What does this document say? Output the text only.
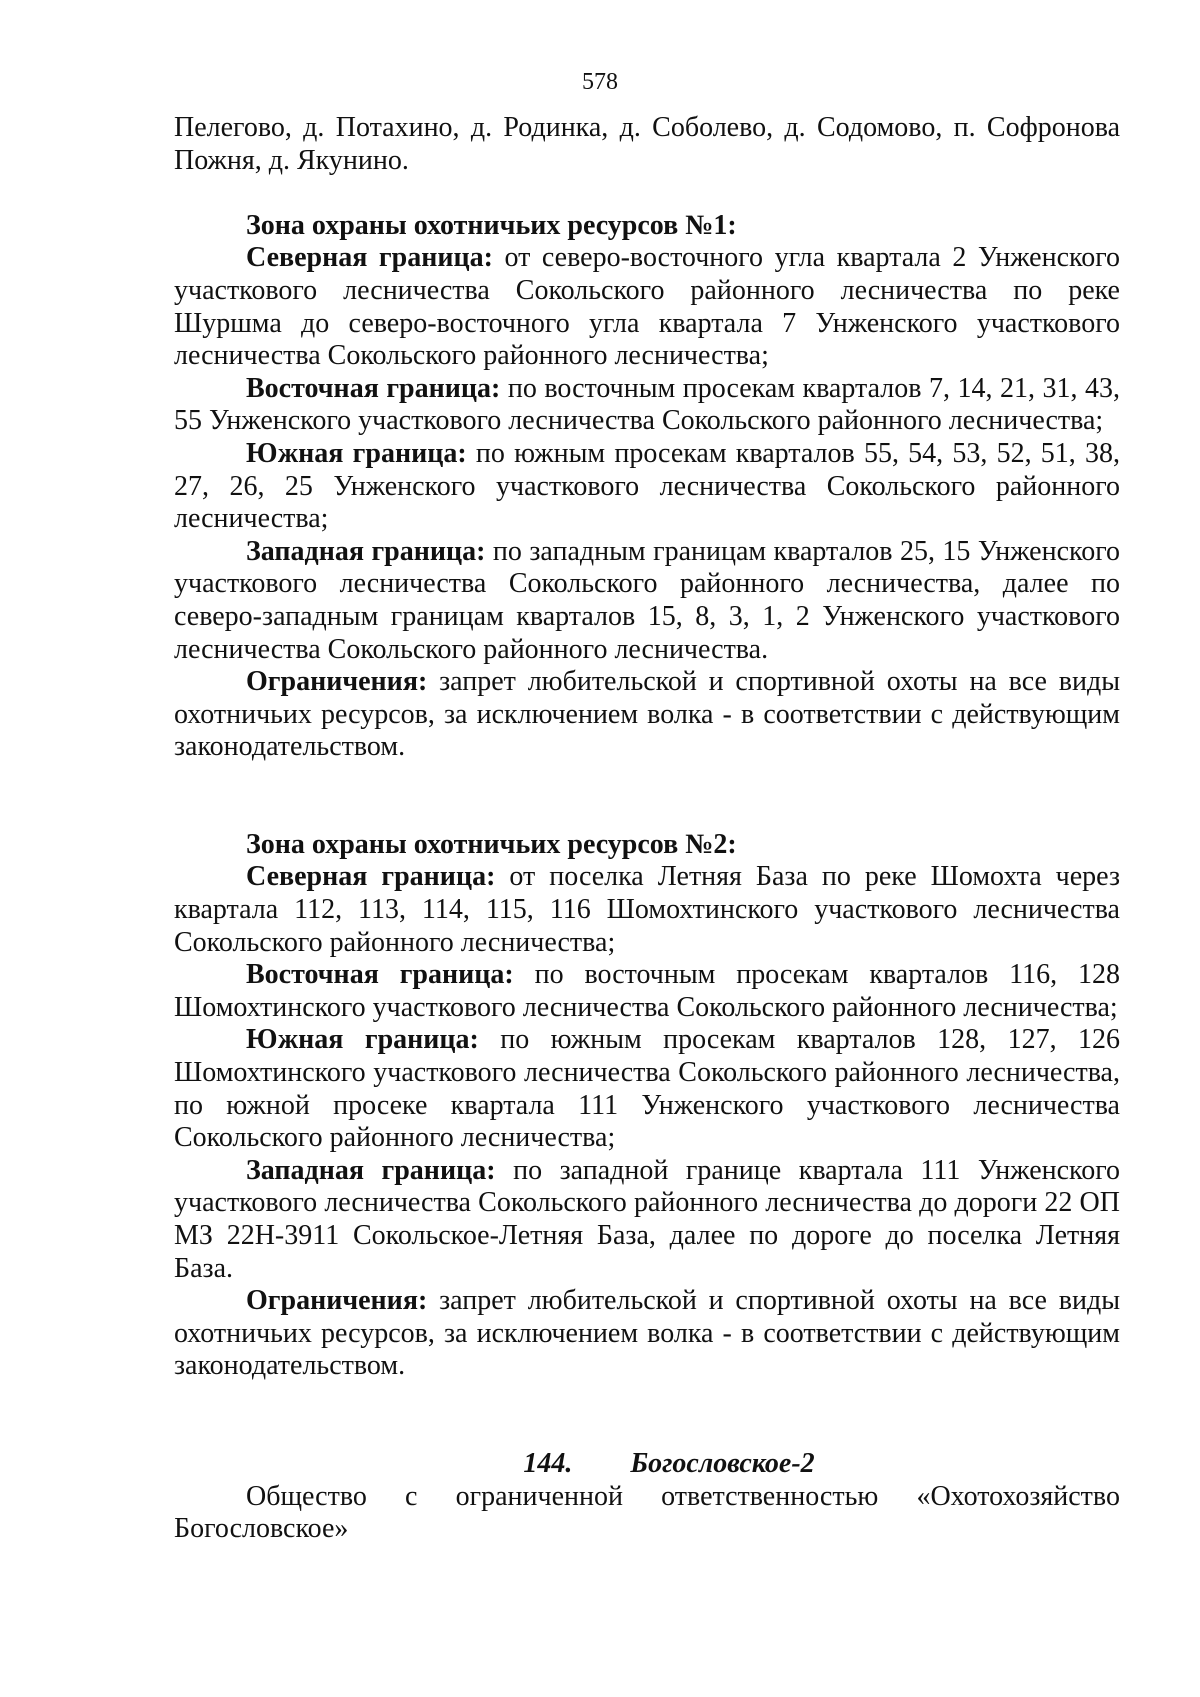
578

Пелегово, д. Потахино, д. Родинка, д. Соболево, д. Содомово, п. Софронова Пожня, д. Якунино.

Зона охраны охотничьих ресурсов №1:

Северная граница: от северо-восточного угла квартала 2 Унженского участкового лесничества Сокольского районного лесничества по реке Шуршма до северо-восточного угла квартала 7 Унженского участкового лесничества Сокольского районного лесничества;

Восточная граница: по восточным просекам кварталов 7, 14, 21, 31, 43, 55 Унженского участкового лесничества Сокольского районного лесничества;

Южная граница: по южным просекам кварталов 55, 54, 53, 52, 51, 38, 27, 26, 25 Унженского участкового лесничества Сокольского районного лесничества;

Западная граница: по западным границам кварталов 25, 15 Унженского участкового лесничества Сокольского районного лесничества, далее по северо-западным границам кварталов 15, 8, 3, 1, 2 Унженского участкового лесничества Сокольского районного лесничества.

Ограничения: запрет любительской и спортивной охоты на все виды охотничьих ресурсов, за исключением волка - в соответствии с действующим законодательством.

Зона охраны охотничьих ресурсов №2:

Северная граница: от поселка Летняя База по реке Шомохта через квартала 112, 113, 114, 115, 116 Шомохтинского участкового лесничества Сокольского районного лесничества;

Восточная граница: по восточным просекам кварталов 116, 128 Шомохтинского участкового лесничества Сокольского районного лесничества;

Южная граница: по южным просекам кварталов 128, 127, 126 Шомохтинского участкового лесничества Сокольского районного лесничества, по южной просеке квартала 111 Унженского участкового лесничества Сокольского районного лесничества;

Западная граница: по западной границе квартала 111 Унженского участкового лесничества Сокольского районного лесничества до дороги 22 ОП МЗ 22Н-3911 Сокольское-Летняя База, далее по дороге до поселка Летняя База.

Ограничения: запрет любительской и спортивной охоты на все виды охотничьих ресурсов, за исключением волка - в соответствии с действующим законодательством.

144. Богословское-2
Общество с ограниченной ответственностью «Охотохозяйство

Богословское»
